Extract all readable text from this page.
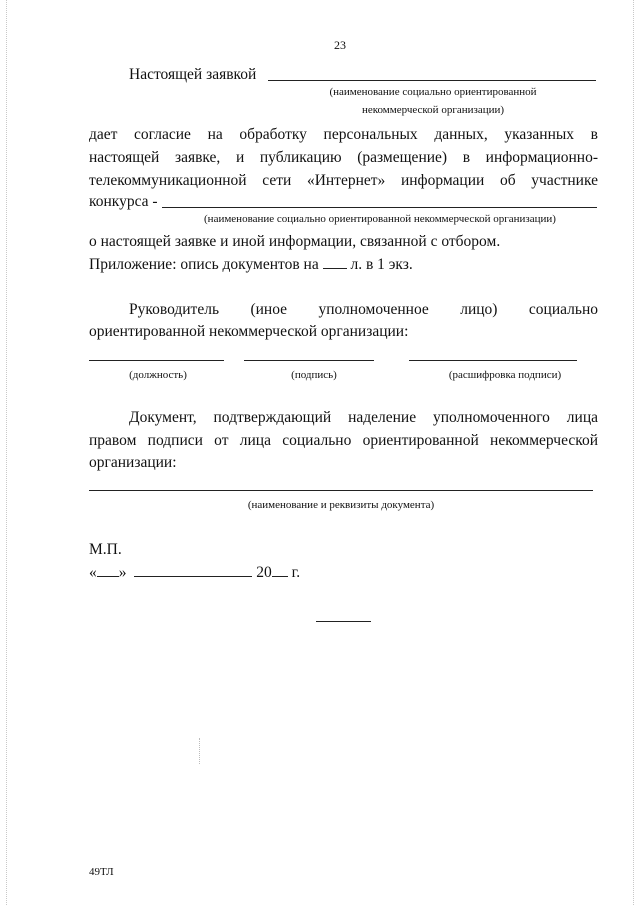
23
Настоящей заявкой
(наименование социально ориентированной
некоммерческой организации)
дает согласие на обработку персональных данных, указанных в
настоящей заявке, и публикацию (размещение) в информационно-
телекоммуникационной сети «Интернет» информации об участнике
конкурса -
(наименование социально ориентированной некоммерческой организации)
о настоящей заявке и иной информации, связанной с отбором.
Приложение: опись документов на л. в 1 экз.
Руководитель (иное уполномоченное лицо) социально
ориентированной некоммерческой организации:
(должность)	(подпись)	(расшифровка подписи)
Документ, подтверждающий наделение уполномоченного лица
правом подписи от лица социально ориентированной некоммерческой
организации:
(наименование и реквизиты документа)
М.П.
« »	20 г.
49ТЛ
